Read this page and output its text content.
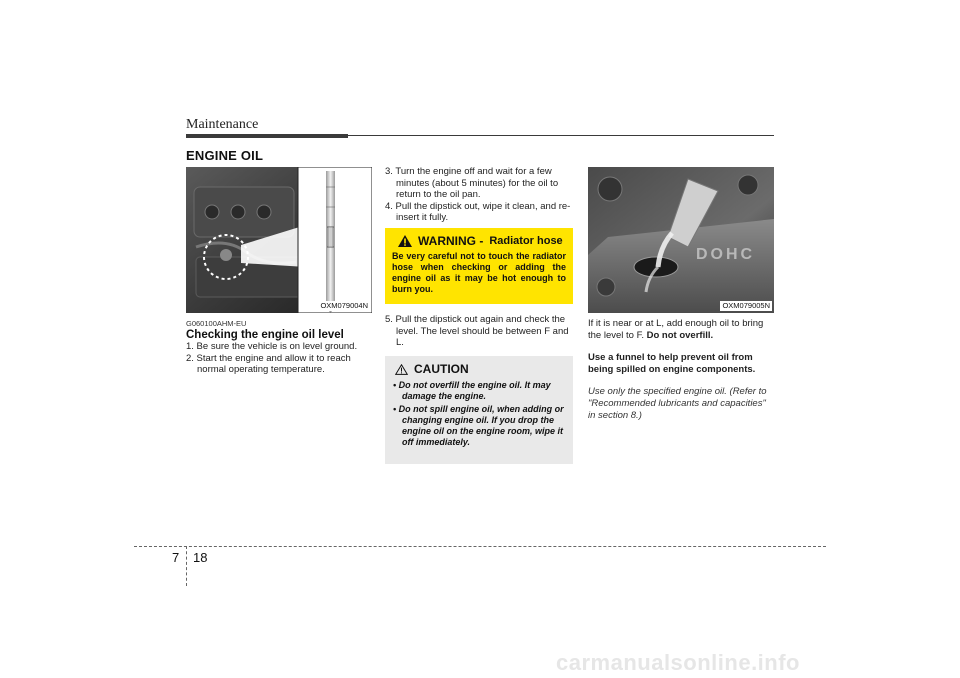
Maintenance
ENGINE OIL
OXM079004N

G060100AHM-EU

Checking the engine oil level

1. Be sure the vehicle is on level ground.

2. Start the engine and allow it to reach normal operating temperature.

3. Turn the engine off and wait for a few minutes (about 5 minutes) for the oil to return to the oil pan.

4. Pull the dipstick out, wipe it clean, and re-insert it fully.

WARNING - Radiator hose

Be very careful not to touch the radiator hose when checking or adding the engine oil as it may be hot enough to burn you.

5. Pull the dipstick out again and check the level. The level should be between F and L.

CAUTION

• Do not overfill the engine oil. It may damage the engine.

• Do not spill engine oil, when adding or changing engine oil. If you drop the engine oil on the engine room, wipe it off immediately.

DOHC
OXM079005N

If it is near or at L, add enough oil to bring the level to F. Do not overfill.

Use a funnel to help prevent oil from being spilled on engine components.

Use only the specified engine oil. (Refer to "Recommended lubricants and capacities" in section 8.)

7 18
carmanualsonline.info
